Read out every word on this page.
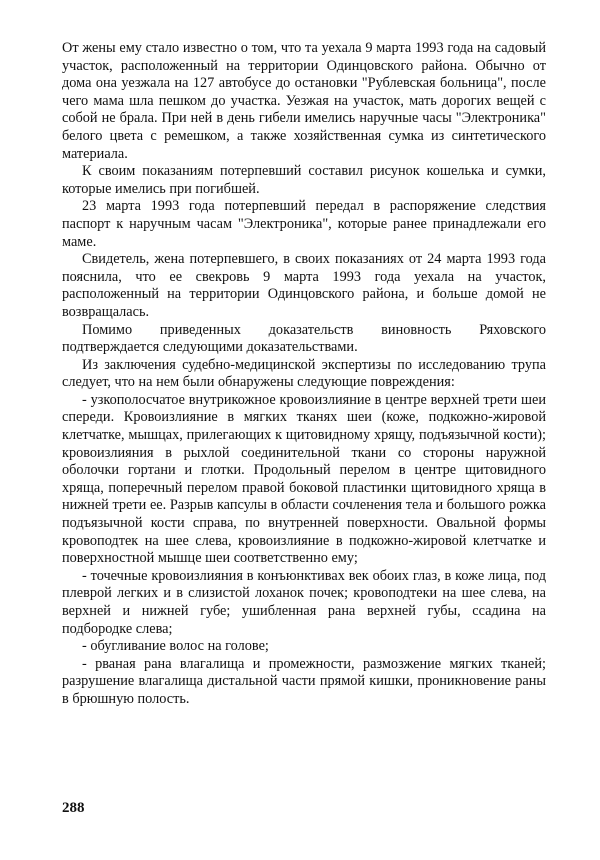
От жены ему стало известно о том, что та уехала 9 марта 1993 года на садовый участок, расположенный на территории Одинцовского района. Обычно от дома она уезжала на 127 автобусе до остановки "Рублевская больница", после чего мама шла пешком до участка. Уезжая на участок, мать дорогих вещей с собой не брала. При ней в день гибели имелись наручные часы "Электроника" белого цвета с ремешком, а также хозяйственная сумка из синтетического материала.

К своим показаниям потерпевший составил рисунок кошелька и сумки, которые имелись при погибшей.

23 марта 1993 года потерпевший передал в распоряжение следствия паспорт к наручным часам "Электроника", которые ранее принадлежали его маме.

Свидетель, жена потерпевшего, в своих показаниях от 24 марта 1993 года пояснила, что ее свекровь 9 марта 1993 года уехала на участок, расположенный на территории Одинцовского района, и больше домой не возвращалась.

Помимо приведенных доказательств виновность Ряховского подтверждается следующими доказательствами.

Из заключения судебно-медицинской экспертизы по исследованию трупа следует, что на нем были обнаружены следующие повреждения:

- узкополосчатое внутрикожное кровоизлияние в центре верхней трети шеи спереди. Кровоизлияние в мягких тканях шеи (коже, подкожно-жировой клетчатке, мышцах, прилегающих к щитовидному хрящу, подъязычной кости); кровоизлияния в рыхлой соединительной ткани со стороны наружной оболочки гортани и глотки. Продольный перелом в центре щитовидного хряща, поперечный перелом правой боковой пластинки щитовидного хряща в нижней трети ее. Разрыв капсулы в области сочленения тела и большого рожка подъязычной кости справа, по внутренней поверхности. Овальной формы кровоподтек на шее слева, кровоизлияние в подкожно-жировой клетчатке и поверхностной мышце шеи соответственно ему;

- точечные кровоизлияния в конъюнктивах век обоих глаз, в коже лица, под плеврой легких и в слизистой лоханок почек; кровоподтеки на шее слева, на верхней и нижней губе; ушибленная рана верхней губы, ссадина на подбородке слева;

- обугливание волос на голове;

- рваная рана влагалища и промежности, размозжение мягких тканей; разрушение влагалища дистальной части прямой кишки, проникновение раны в брюшную полость.

288
